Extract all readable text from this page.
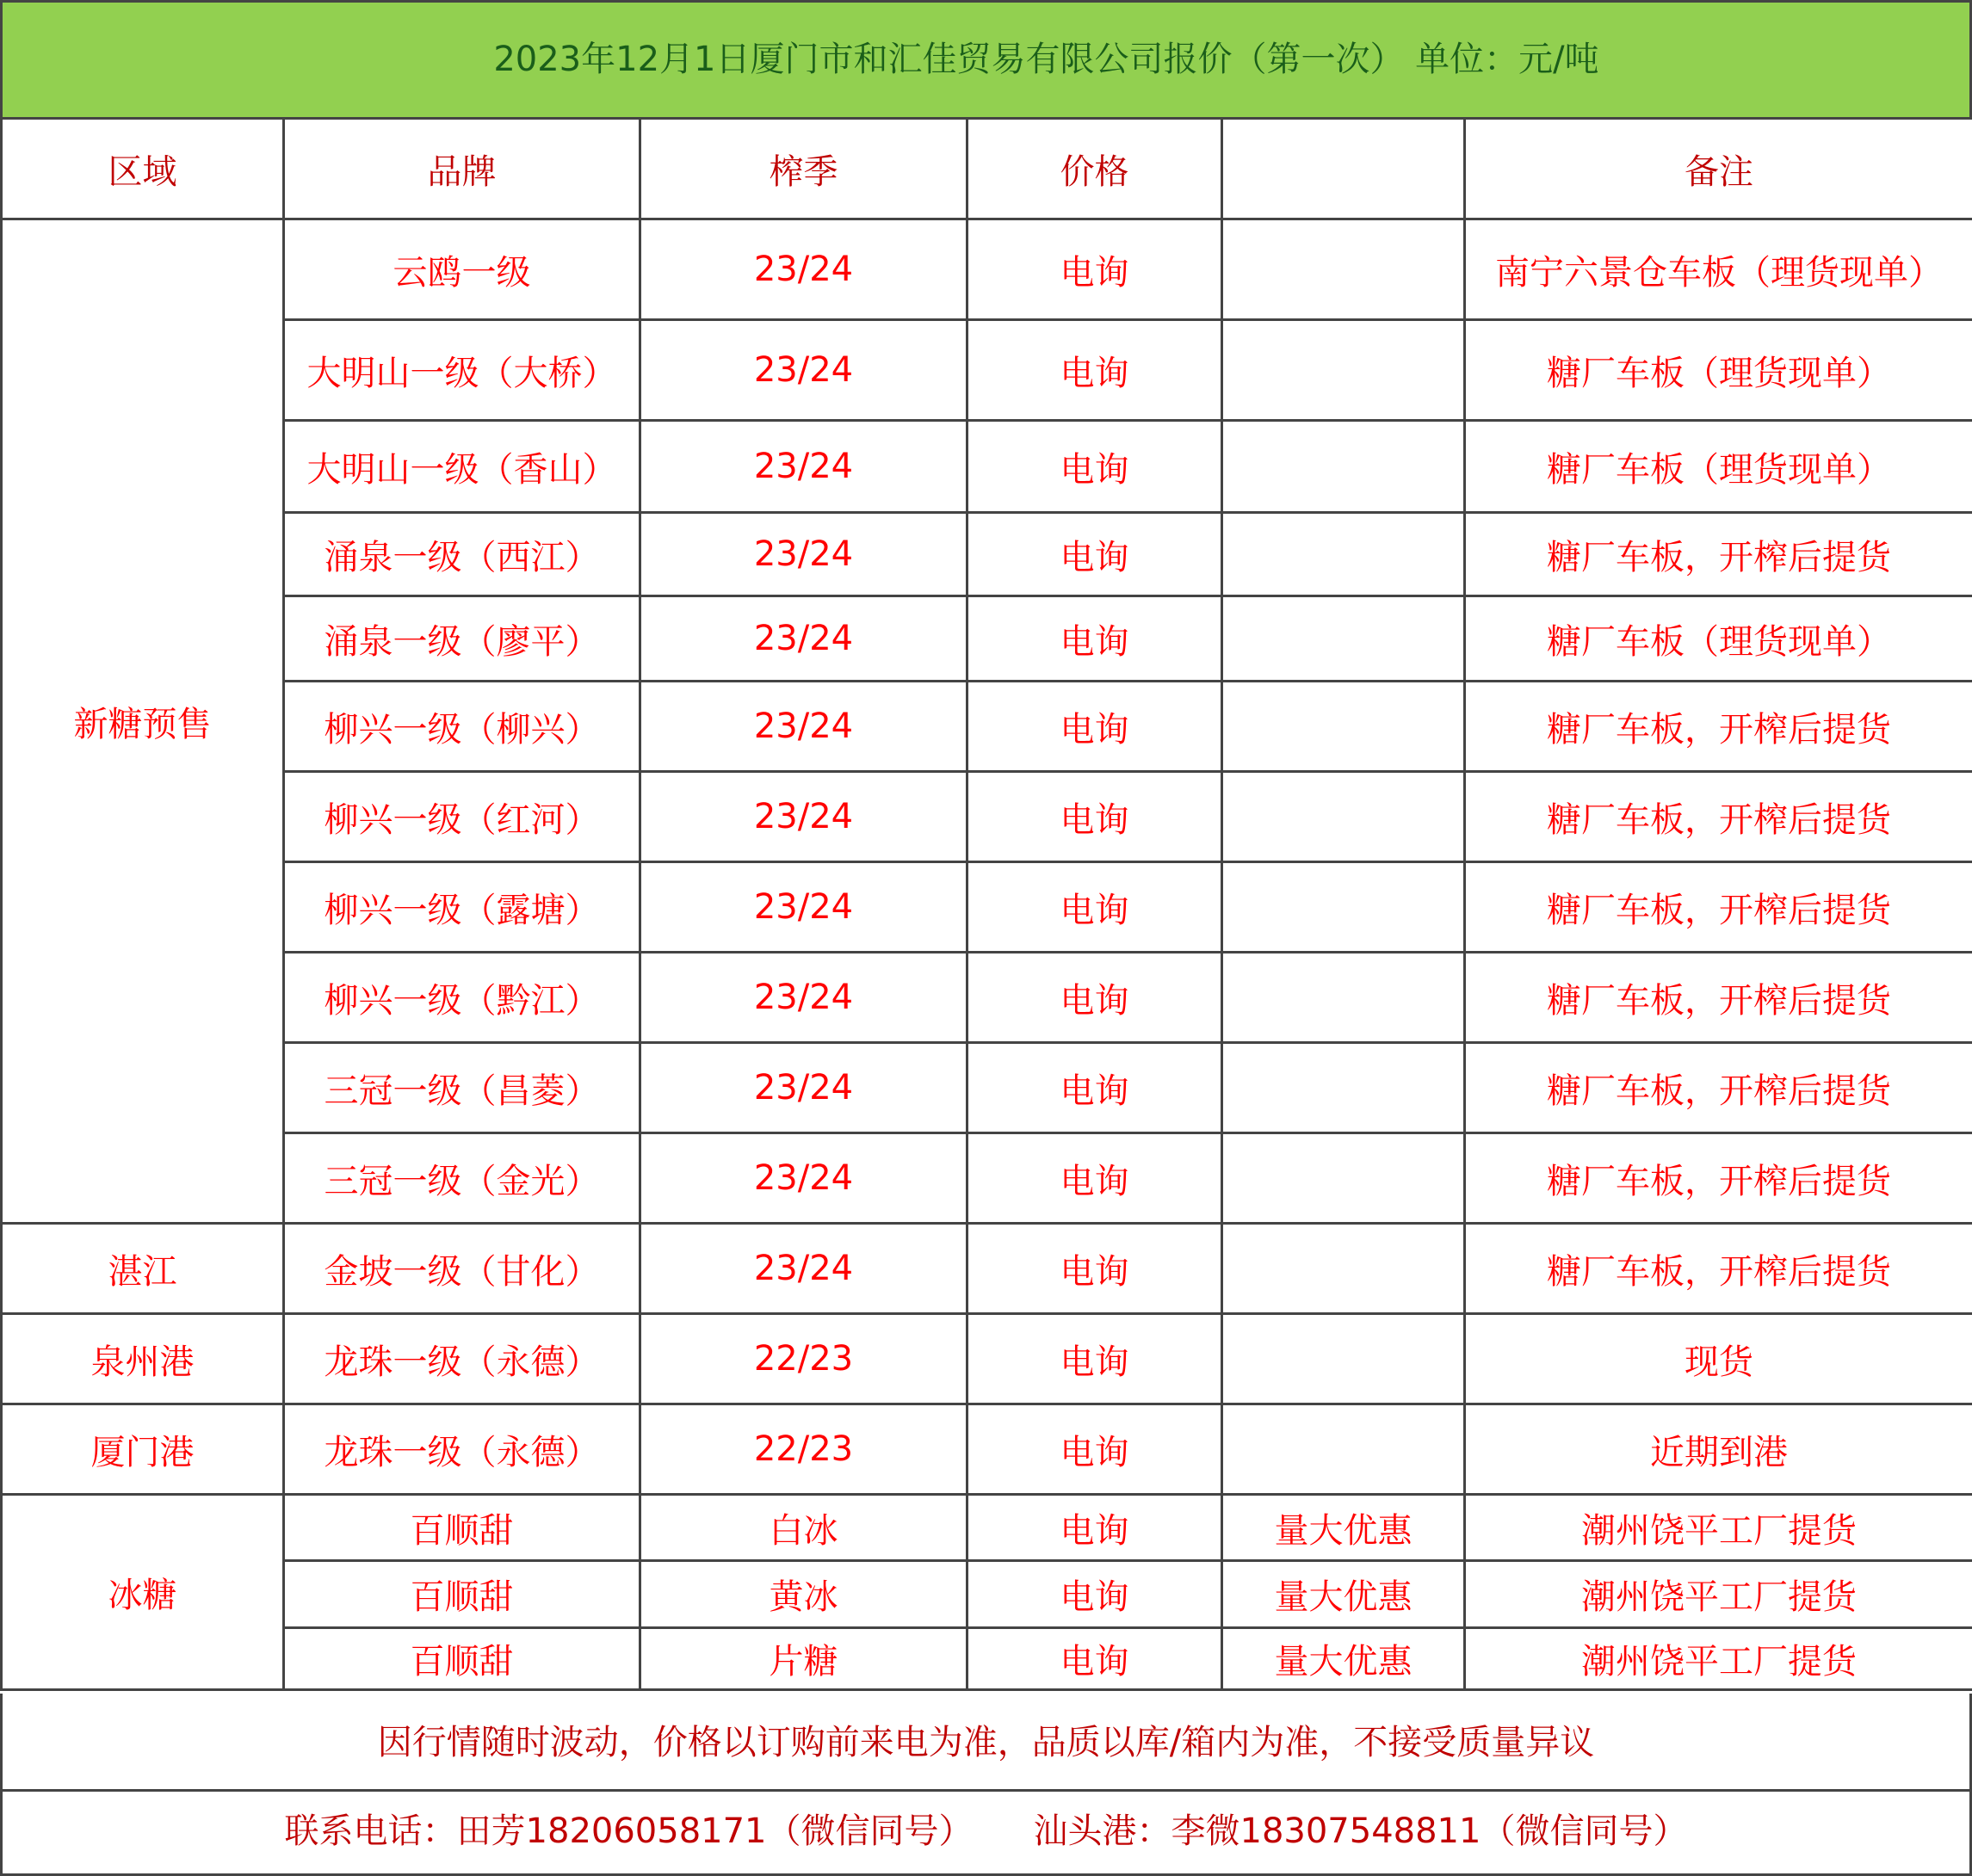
2023年12月1日厦门市和汇佳贸易有限公司报价（第一次） 单位：元/吨
区域	品牌	榨季	价格		备注
新糖预售	云鸥一级	23/24	电询		南宁六景仓车板（理货现单）
	大明山一级（大桥）	23/24	电询		糖厂车板（理货现单）
	大明山一级（香山）	23/24	电询		糖厂车板（理货现单）
	涌泉一级（西江）	23/24	电询		糖厂车板，开榨后提货
	涌泉一级（廖平）	23/24	电询		糖厂车板（理货现单）
	柳兴一级（柳兴）	23/24	电询		糖厂车板，开榨后提货
	柳兴一级（红河）	23/24	电询		糖厂车板，开榨后提货
	柳兴一级（露塘）	23/24	电询		糖厂车板，开榨后提货
	柳兴一级（黔江）	23/24	电询		糖厂车板，开榨后提货
	三冠一级（昌菱）	23/24	电询		糖厂车板，开榨后提货
	三冠一级（金光）	23/24	电询		糖厂车板，开榨后提货
湛江	金坡一级（甘化）	23/24	电询		糖厂车板，开榨后提货
泉州港	龙珠一级（永德）	22/23	电询		现货
厦门港	龙珠一级（永德）	22/23	电询		近期到港
冰糖	百顺甜	白冰	电询	量大优惠	潮州饶平工厂提货
	百顺甜	黄冰	电询	量大优惠	潮州饶平工厂提货
	百顺甜	片糖	电询	量大优惠	潮州饶平工厂提货
因行情随时波动，价格以订购前来电为准，品质以库/箱内为准，不接受质量异议
联系电话：田芳18206058171（微信同号） 汕头港：李微18307548811（微信同号）
